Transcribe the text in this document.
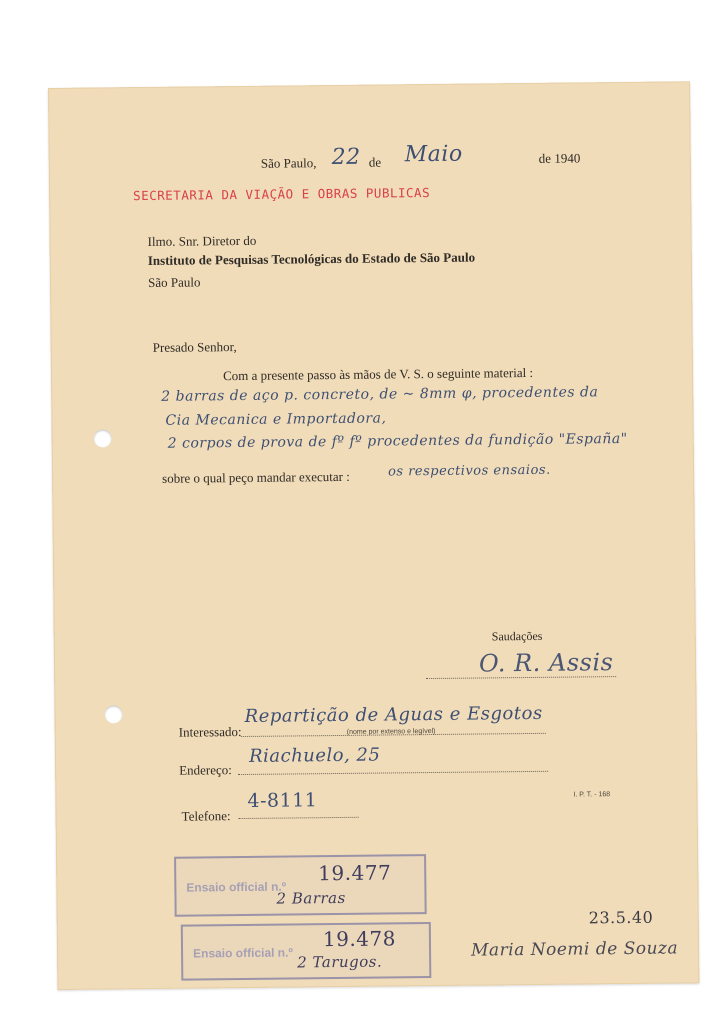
São Paulo, 22 de Maio	de 1940
SECRETARIA DA VIAÇÃO E OBRAS PUBLICAS
Ilmo. Snr. Diretor do
Instituto de Pesquisas Tecnológicas do Estado de São Paulo
São Paulo
Presado Senhor,
Com a presente passo às mãos de V. S. o seguinte material :
2 barras de aço p. concreto, de ~ 8mm φ, procedentes da
Cia Mecanica e Importadora,
2 corpos de prova de fº fº procedentes da fundição "España"
sobre o qual peço mandar executar :	os respectivos ensaios.
Saudações
O. R. Assis
Interessado:
Repartição de Aguas e Esgotos
(nome por extenso e legível)
Endereço:
Riachuelo, 25
Telefone:
4-8111	I. P. T. - 168
Ensaio official n.º
19.477
2 Barras
Ensaio official n.º
19.478
2 Tarugos.
23.5.40
Maria Noemi de Souza
